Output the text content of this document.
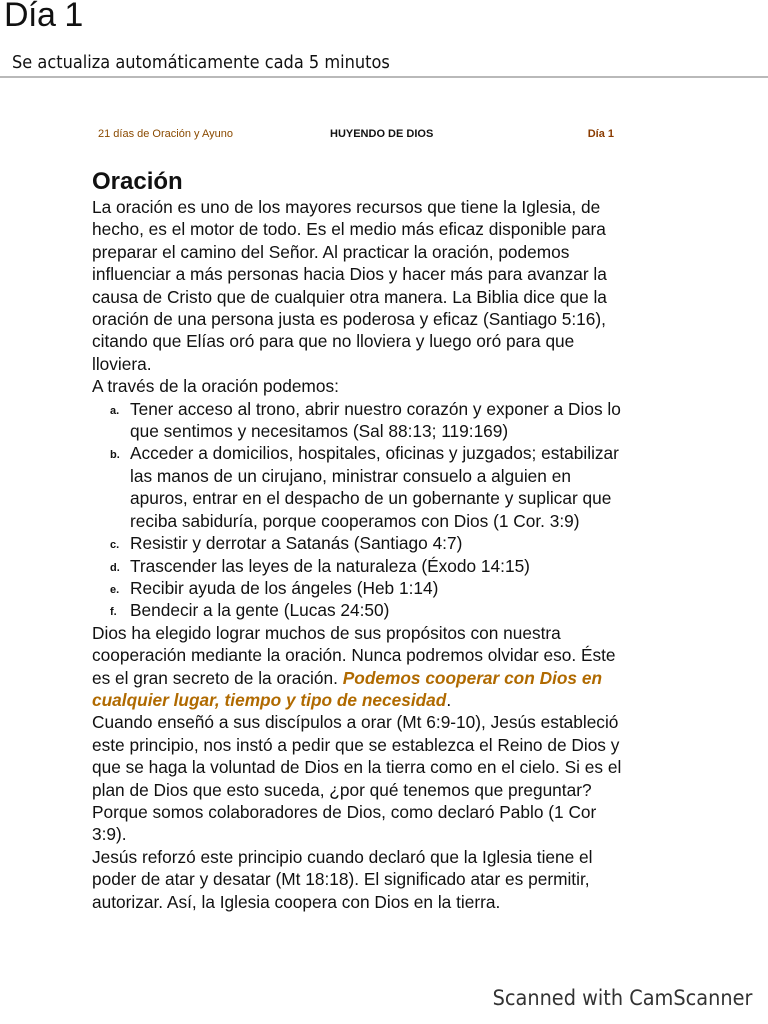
Día 1
Se actualiza automáticamente cada 5 minutos
21 días de Oración y Ayuno	HUYENDO DE DIOS	Día 1
Oración

La oración es uno de los mayores recursos que tiene la Iglesia, de hecho, es el motor de todo. Es el medio más eficaz disponible para preparar el camino del Señor. Al practicar la oración, podemos influenciar a más personas hacia Dios y hacer más para avanzar la causa de Cristo que de cualquier otra manera. La Biblia dice que la oración de una persona justa es poderosa y eficaz (Santiago 5:16), citando que Elías oró para que no lloviera y luego oró para que lloviera.

A través de la oración podemos:

a. Tener acceso al trono, abrir nuestro corazón y exponer a Dios lo que sentimos y necesitamos (Sal 88:13; 119:169)
b. Acceder a domicilios, hospitales, oficinas y juzgados; estabilizar las manos de un cirujano, ministrar consuelo a alguien en apuros, entrar en el despacho de un gobernante y suplicar que reciba sabiduría, porque cooperamos con Dios (1 Cor. 3:9)
c. Resistir y derrotar a Satanás (Santiago 4:7)
d. Trascender las leyes de la naturaleza (Éxodo 14:15)
e. Recibir ayuda de los ángeles (Heb 1:14)
f. Bendecir a la gente (Lucas 24:50)

Dios ha elegido lograr muchos de sus propósitos con nuestra cooperación mediante la oración. Nunca podremos olvidar eso. Éste es el gran secreto de la oración. Podemos cooperar con Dios en cualquier lugar, tiempo y tipo de necesidad.

Cuando enseñó a sus discípulos a orar (Mt 6:9-10), Jesús estableció este principio, nos instó a pedir que se establezca el Reino de Dios y que se haga la voluntad de Dios en la tierra como en el cielo. Si es el plan de Dios que esto suceda, ¿por qué tenemos que preguntar? Porque somos colaboradores de Dios, como declaró Pablo (1 Cor 3:9).

Jesús reforzó este principio cuando declaró que la Iglesia tiene el poder de atar y desatar (Mt 18:18). El significado atar es permitir, autorizar. Así, la Iglesia coopera con Dios en la tierra.

Scanned with CamScanner
